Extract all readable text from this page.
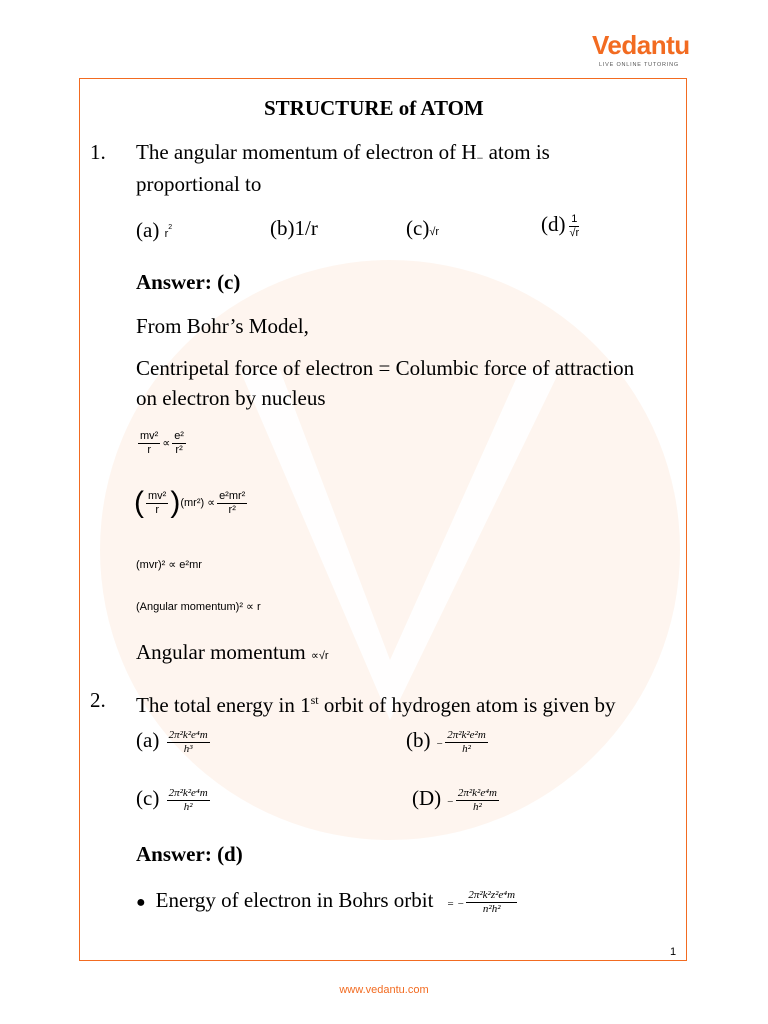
Vedantu
LIVE ONLINE TUTORING
STRUCTURE of ATOM
1. The angular momentum of electron of H− atom is
proportional to
(a) $r^2$	(b)1/r	(c)√r	$(d) \frac{1}{√r}$
Answer: (c)
From Bohr’s Model,
Centripetal force of electron = Columbic force of attraction
on electron by nucleus
$\frac{\text{mv²}}{r} \propto \frac{\text{e²}}{\text{r²}}$
( $\frac{\text{mv²}}{r} )(mr^2) \propto \frac{\text{e²mr²}}{\text{r²}}$
(mvr)² ∝ e²mr
(Angular momentum)² ∝ r
Angular momentum ∝√r
2. The total energy in 1st orbit of hydrogen atom is given by
$(a) \frac{\text{2π²k²e⁴m}}{\text{h³}}$	$(b) - \frac{\text{2π²k²e²m}}{\text{h²}}$
$(c) \frac{\text{2π²k²e⁴m}}{\text{h²}}$	$(D) - \frac{\text{2π²k²e⁴m}}{\text{h²}}$
Answer: (d)
● Energy of electron in Bohrs orbit = − $\frac{\text{2π²k²z²e⁴m}}{\text{n²h²}}$
1
www.vedantu.com
